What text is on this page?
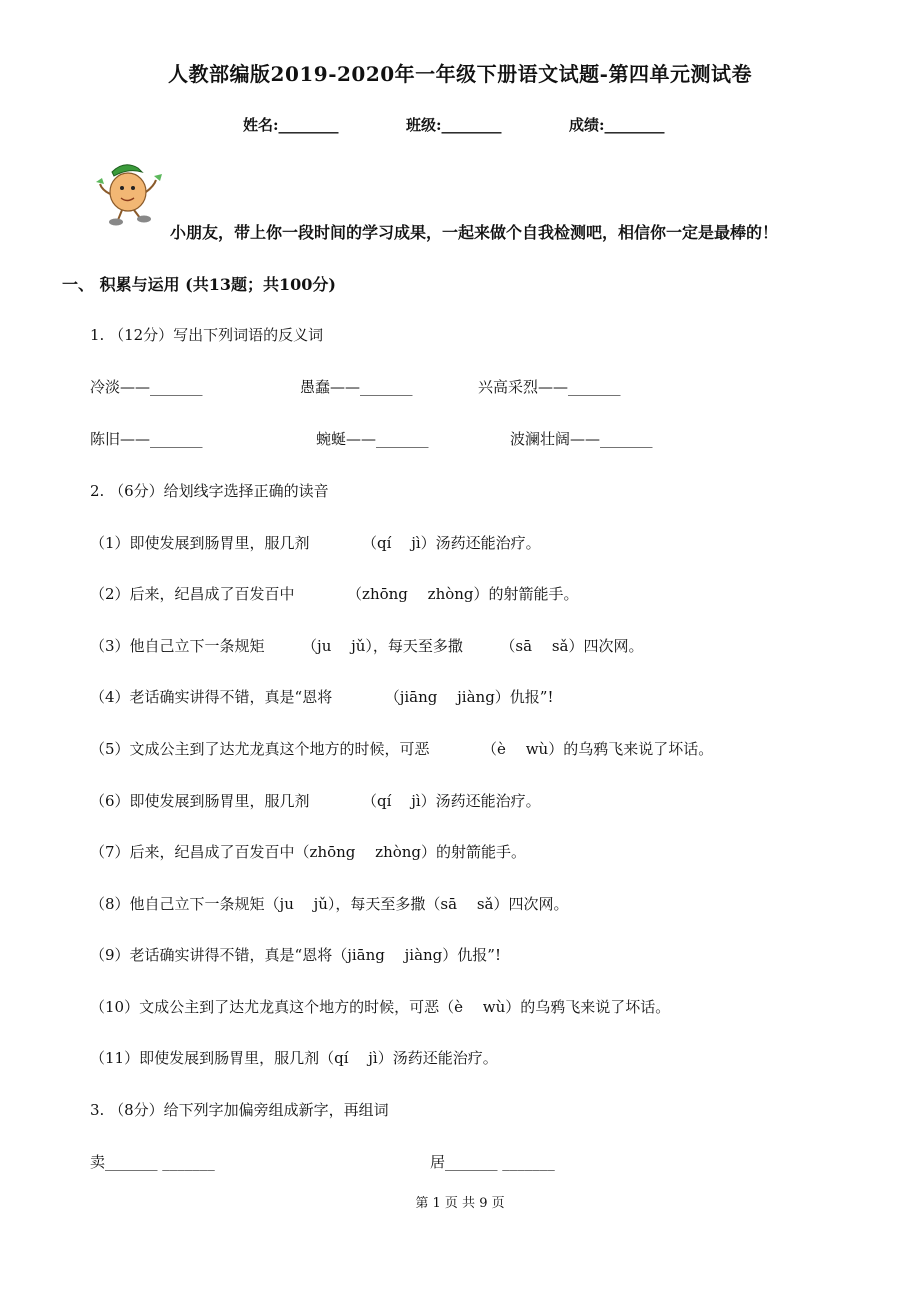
人教部编版2019-2020年一年级下册语文试题-第四单元测试卷
姓名:________	班级:________	成绩:________
小朋友，带上你一段时间的学习成果，一起来做个自我检测吧，相信你一定是最棒的！
一、 积累与运用 (共13题；共100分)
1. （12分）写出下列词语的反义词
冷淡——_______	愚蠢——_______	兴高采烈——_______
陈旧——_______	蜿蜒——_______	波澜壮阔——_______
2. （6分）给划线字选择正确的读音
（1）即使发展到肠胃里，服几剂　　　　（qí　 jì）汤药还能治疗。
（2）后来，纪昌成了百发百中　　　　（zhōng　 zhòng）的射箭能手。
（3）他自己立下一条规矩　　　（ju　 jǔ），每天至多撒　　　（sā　 sǎ）四次网。
（4）老话确实讲得不错，真是“恩将　　　　（jiāng　 jiàng）仇报”!
（5）文成公主到了达尤龙真这个地方的时候，可恶　　　　（è　 wù）的乌鸦飞来说了坏话。
（6）即使发展到肠胃里，服几剂　　　　（qí　 jì）汤药还能治疗。
（7）后来，纪昌成了百发百中（zhōng　 zhòng）的射箭能手。
（8）他自己立下一条规矩（ju　 jǔ），每天至多撒（sā　 sǎ）四次网。
（9）老话确实讲得不错，真是“恩将（jiāng　 jiàng）仇报”!
（10）文成公主到了达尤龙真这个地方的时候，可恶（è　 wù）的乌鸦飞来说了坏话。
（11）即使发展到肠胃里，服几剂（qí　 jì）汤药还能治疗。
3. （8分）给下列字加偏旁组成新字，再组词
卖_______ _______	居_______ _______
第 1 页 共 9 页
